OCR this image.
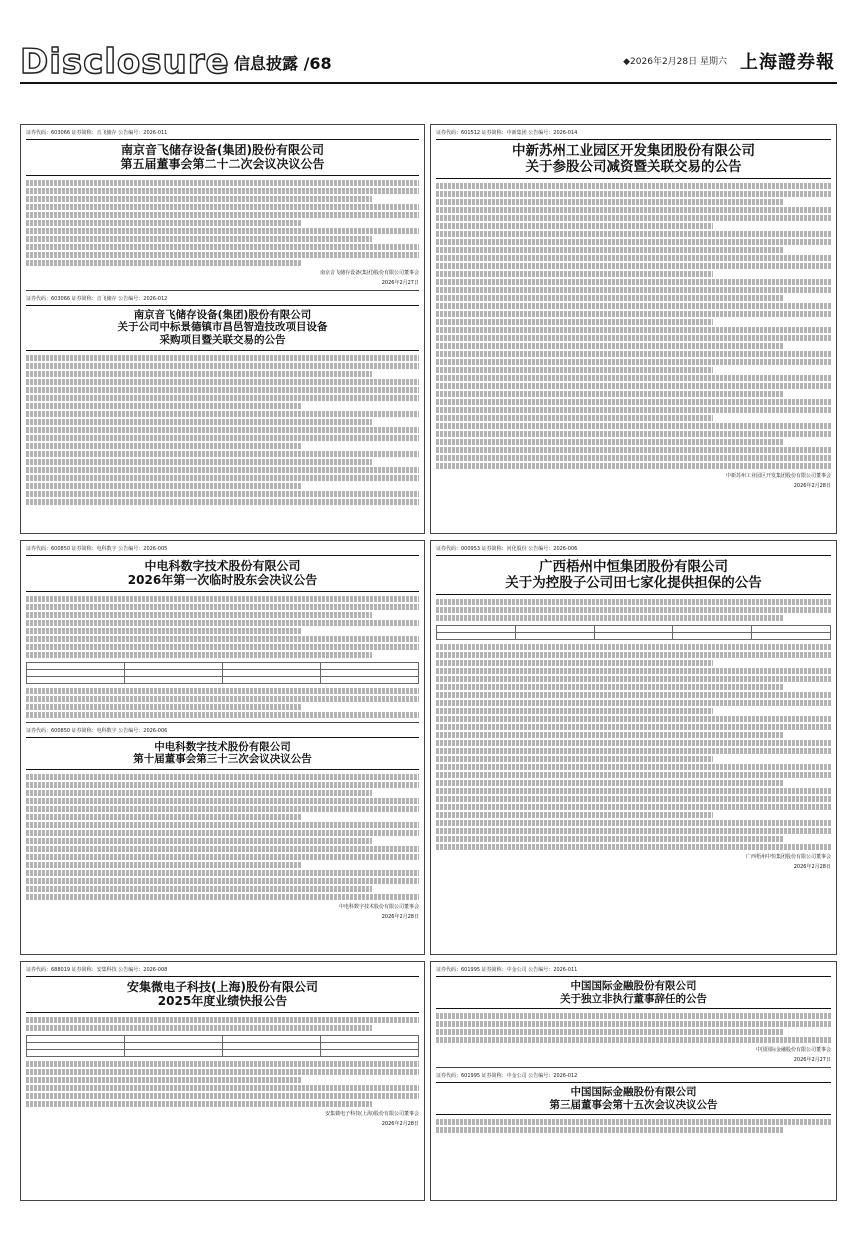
Disclosure 信息披露 /68	◆2026年2月28日 星期六 上海證券報
证券代码：603066 证券简称：音飞储存 公告编号：2026-011
南京音飞储存设备(集团)股份有限公司
第五届董事会第二十二次会议决议公告
南京音飞储存设备(集团)股份有限公司董事会
2026年2月27日
证券代码：603066 证券简称：音飞储存 公告编号：2026-012
南京音飞储存设备(集团)股份有限公司
关于公司中标景德镇市昌邑智造技改项目设备
采购项目暨关联交易的公告
证券代码：601512 证券简称：中新集团 公告编号：2026-014
中新苏州工业园区开发集团股份有限公司
关于参股公司减资暨关联交易的公告
中新苏州工业园区开发集团股份有限公司董事会
2026年2月28日
证券代码：600850 证券简称：电科数字 公告编号：2026-005
中电科数字技术股份有限公司
2026年第一次临时股东会决议公告

证券代码：600850 证券简称：电科数字 公告编号：2026-006
中电科数字技术股份有限公司
第十届董事会第三十三次会议决议公告
中电科数字技术股份有限公司董事会
2026年2月28日
证券代码：000953 证券简称：河化股份 公告编号：2026-006
广西梧州中恒集团股份有限公司
关于为控股子公司田七家化提供担保的公告

广西梧州中恒集团股份有限公司董事会
2026年2月28日
证券代码：688019 证券简称：安集科技 公告编号：2026-008
安集微电子科技(上海)股份有限公司
2025年度业绩快报公告

安集微电子科技(上海)股份有限公司董事会
2026年2月28日
证券代码：601995 证券简称：中金公司 公告编号：2026-011
中国国际金融股份有限公司
关于独立非执行董事辞任的公告
中国国际金融股份有限公司董事会
2026年2月27日
证券代码：601995 证券简称：中金公司 公告编号：2026-012
中国国际金融股份有限公司
第三届董事会第十五次会议决议公告
